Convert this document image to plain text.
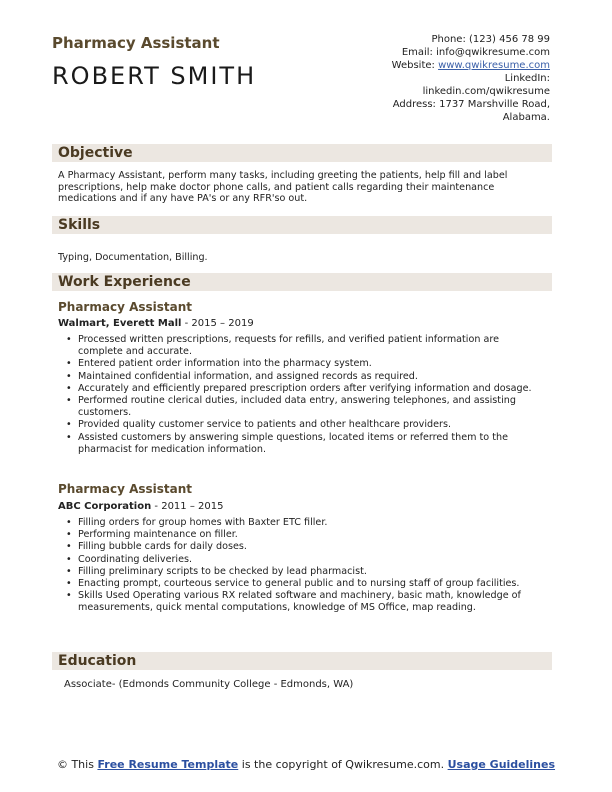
Pharmacy Assistant
ROBERT SMITH
Phone: (123) 456 78 99
Email: info@qwikresume.com
Website: www.qwikresume.com
LinkedIn:
linkedin.com/qwikresume
Address: 1737 Marshville Road,
Alabama.
Objective
A Pharmacy Assistant, perform many tasks, including greeting the patients, help fill and label prescriptions, help make doctor phone calls, and patient calls regarding their maintenance medications and if any have PA's or any RFR'so out.
Skills
Typing, Documentation, Billing.
Work Experience
Pharmacy Assistant
Walmart, Everett Mall - 2015 – 2019
• Processed written prescriptions, requests for refills, and verified patient information are complete and accurate.
• Entered patient order information into the pharmacy system.
• Maintained confidential information, and assigned records as required.
• Accurately and efficiently prepared prescription orders after verifying information and dosage.
• Performed routine clerical duties, included data entry, answering telephones, and assisting customers.
• Provided quality customer service to patients and other healthcare providers.
• Assisted customers by answering simple questions, located items or referred them to the pharmacist for medication information.
Pharmacy Assistant
ABC Corporation - 2011 – 2015
• Filling orders for group homes with Baxter ETC filler.
• Performing maintenance on filler.
• Filling bubble cards for daily doses.
• Coordinating deliveries.
• Filling preliminary scripts to be checked by lead pharmacist.
• Enacting prompt, courteous service to general public and to nursing staff of group facilities.
• Skills Used Operating various RX related software and machinery, basic math, knowledge of measurements, quick mental computations, knowledge of MS Office, map reading.
Education
Associate- (Edmonds Community College - Edmonds, WA)
© This Free Resume Template is the copyright of Qwikresume.com. Usage Guidelines
